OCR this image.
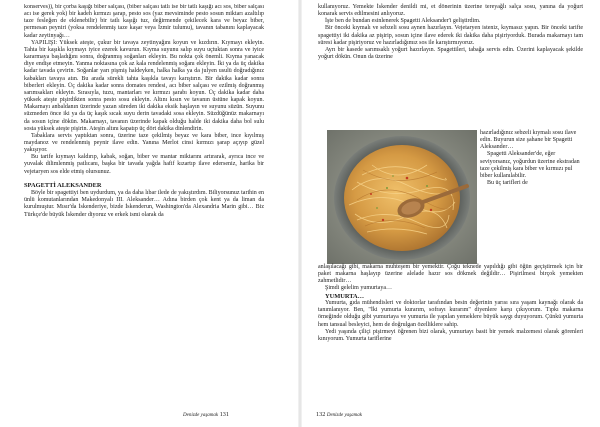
konserves)), bir çorba kaşığı biber salçası, (biber salçası tatlı ise bir tatlı kaşığı acı sos, biber salçası acı ise gerek yok) bir kadeh kırmızı şarap, pesto sos (yaz mevsiminde pesto sosun miktarı azaltılıp taze fesleğen de eklenebilir) bir tatlı kaşığı tuz, değirmende çekilecek kara ve beyaz biber, permesan peyniri (yoksa rendelenmiş taze kaşar veya İzmir tulumu), tavanın tabanını kaplayacak kadar zeytinyağı…

YAPILIŞI: Yüksek ateşte, çukur bir tavaya zeytinyağını koyun ve kızdırın. Kıymayı ekleyin. Tahta bir kaşıkla kıymayı iyice ezerek kavurun. Kıyma suyunu salıp suyu uçtuktan sonra ve iyice kararmaya başladığını sonra, doğranmış soğanları ekleyin. Bu nokta çok önemli. Kıyma yanacak diye endişe etmeyin. Yanma noktasına çok az kala rendelenmiş soğanı ekleyin. İki ya da üç dakika kadar tavada çevirin. Soğanlar yarı pişmiş haldeyken, halka halka ya da julyen usulü doğradığınız kabakları tavaya atın. Bu arada sürekli tahta kaşıkla tavayı karıştırın. Bir dakika kadar sonra biberleri ekleyin. Üç dakika kadar sonra domates rendesi, acı biber salçası ve ezilmiş doğranmış sarımsakları ekleyin. Sırasıyla, tuzu, mantarları ve kırmızı şarabı koyun. Üç dakika kadar daha yüksek ateşte pişirdikten sonra pesto sosu ekleyin. Altını kısın ve tavanın üstüne kapak koyun. Makarnayı anbaldanın üzerinde yazan süreden iki dakika eksik haşlayın ve suyunu süzün. Suyunu süzmeden önce iki ya da üç kaşık sıcak suyu derin tavadaki sosa ekleyin. Süzdüğünüz makarnayı da sosun içine dökün. Makarnayı, tavanın üzerinde kapak olduğu halde iki dakika daha bol sulu sosta yüksek ateşte pişirin. Ateşin altını kapatıp üç dört dakika dinlendirin.

Tabaklara servis yaptıktan sonra, üzerine taze çekilmiş beyaz ve kara biber, ince kıyılmış maydanoz ve rendelenmiş peynir ilave edin. Yanına Merlot cinsi kırmızı şarap açıyıp güzel yakışıyor.

Bu tarife kıymayı kaldırıp, kabak, soğan, biber ve mantar miktarını artırarak, ayrıca ince ve yuvalak dilimlenmiş patlıcanı, başka bir tavada yağda hafif kızartıp ilave ederseniz, harika bir vejetaryen sos elde etmiş olursunuz.

SPAGETTİ ALEKSANDER

Böyle bir spagettiyi ben uydurdum, ya da daha lıbar ilede de yakıştırdım. Biliyorsunuz tarihin en ünlü komutanlarından Makedonyalı III. Aleksander… Adına birden çok kent ya da liman da kurulmuştur. Mısır'da İskenderiye, bizde İskenderun, Washington'da Alexandria Marin gibi… Biz Türkçe'de büyük İskender diyoruz ve erkek ismi olarak da

Denizde yaşamak 131

kullanıyoruz. Yemekte İskender denildi mi, et dönerinin üzerine tereyağlı salça sosu, yanına da yoğurt konarak servis edilmesini anlıyoruz.

İşte ben de bundan esinlenerek Spagetti Aleksander'i geliştirdim.

Bir önceki kıymalı ve sebzeli sosu aynen hazırlayın. Vejetaryen isteniz, kıymasız yapın. Bir önceki tarifte spagettiyi iki dakika az pişirip, sosun içine ilave ederek iki dakika daha pişiriyorduk. Burada makarnayı tam süresi kadar pişiriyoruz ve hazırladığımız sos ile karıştırmıyoruz.

Ayrı bir kasede sarımsaklı yoğurt hazırlayın. Spagettileri, tabağa servis edin. Üzerini kaplayacak şekilde yoğurt dökün. Onun da üzerine

hazırladığınız sebzeli kıymalı sosu ilave edin. Buyurun size şahane bir Spagetti Aleksander…

Spagetti Aleksander'de, eğer seviyorsanız, yoğurdun üzerine ekstradan taze çekilmiş kara biber ve kırmızı pul biber kullanılabilir.

Bu üç tarifleri de

anlaşılacağı gibi, makarna muhteşem bir yemektir. Çoğu teknede yapıldığı gibi öğün geçiştirmek için bir paket makarna haşlayıp üzerine alelade hazır sos dökmek değildir… Pişirilmesi birçok yemekten zahmetlidir…

Şimdi gelelim yumurtaya…

YUMURTA…

Yumurta, gıda mühendisleri ve doktorlar tarafından besin değerinin yarısı sıra yaşam kaynağı olarak da tanımlanıyor. Ben, "İki yumurta kurarım, sofrayı kurarım" diyenlere karşı çıkıyorum. Tıpkı makarna örneğinde olduğu gibi yumurtaya ve yumurta ile yapılan yemeklere büyük saygı duyuyorum. Çünkü yumurta hem tansual besleyici, hem de doğrulgan özelliklere sahip.

Yedi yaşında çiliçi pişirmeyi öğrenen bizi olarak, yumurtayı basit bir yemek malzemesi olarak görenleri kınıyorum. Yumurta tariflerine

132 Denizde yaşamak
